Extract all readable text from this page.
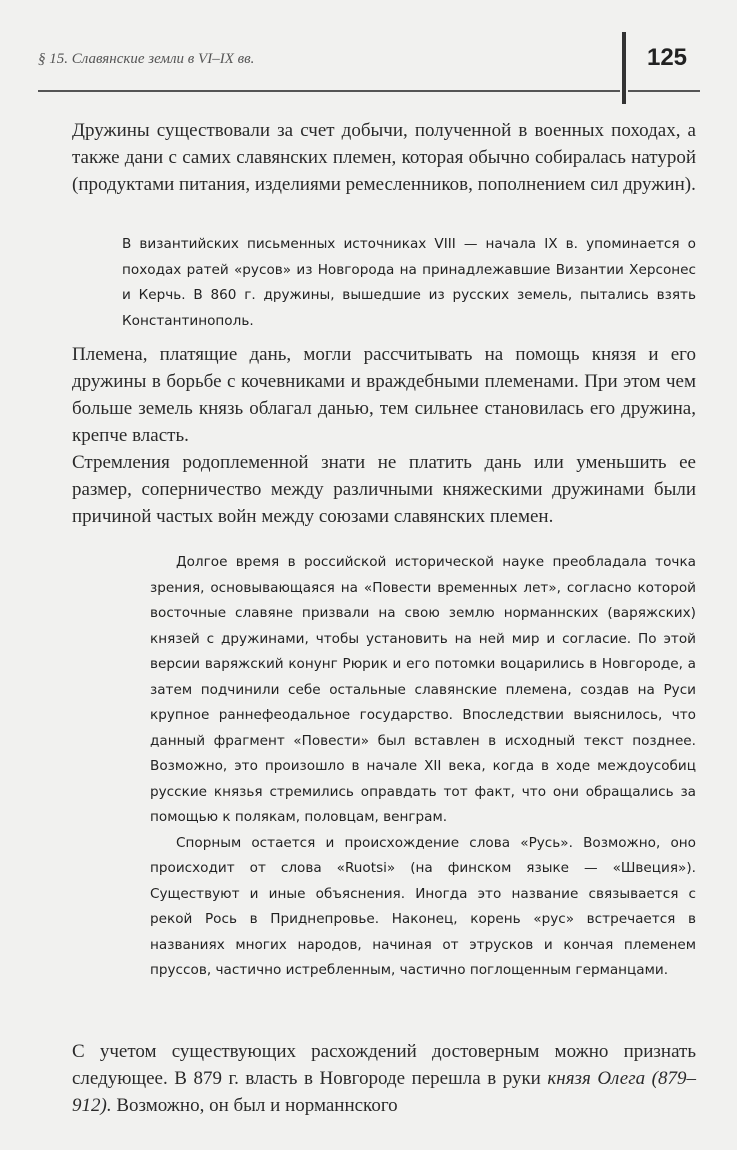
§ 15. Славянские земли в VI–IX вв.	125

Дружины существовали за счет добычи, полученной в военных походах, а также дани с самих славянских племен, которая обычно собиралась натурой (продуктами питания, изделиями ремесленников, пополнением сил дружин).

В византийских письменных источниках VIII — начала IX в. упоминается о походах ратей «русов» из Новгорода на принадлежавшие Византии Херсонес и Керчь. В 860 г. дружины, вышедшие из русских земель, пытались взять Константинополь.

Племена, платящие дань, могли рассчитывать на помощь князя и его дружины в борьбе с кочевниками и враждебными племенами. При этом чем больше земель князь облагал данью, тем сильнее становилась его дружина, крепче власть.

Стремления родоплеменной знати не платить дань или уменьшить ее размер, соперничество между различными княжескими дружинами были причиной частых войн между союзами славянских племен.

Долгое время в российской исторической науке преобладала точка зрения, основывающаяся на «Повести временных лет», согласно которой восточные славяне призвали на свою землю норманнских (варяжских) князей с дружинами, чтобы установить на ней мир и согласие. По этой версии варяжский конунг Рюрик и его потомки воцарились в Новгороде, а затем подчинили себе остальные славянские племена, создав на Руси крупное раннефеодальное государство. Впоследствии выяснилось, что данный фрагмент «Повести» был вставлен в исходный текст позднее. Возможно, это произошло в начале XII века, когда в ходе междоусобиц русские князья стремились оправдать тот факт, что они обращались за помощью к полякам, половцам, венграм.

Спорным остается и происхождение слова «Русь». Возможно, оно происходит от слова «Ruotsi» (на финском языке — «Швеция»). Существуют и иные объяснения. Иногда это название связывается с рекой Рось в Приднепровье. Наконец, корень «рус» встречается в названиях многих народов, начиная от этрусков и кончая племенем пруссов, частично истребленным, частично поглощенным германцами.

С учетом существующих расхождений достоверным можно признать следующее. В 879 г. власть в Новгороде перешла в руки князя Олега (879–912). Возможно, он был и норманнского
